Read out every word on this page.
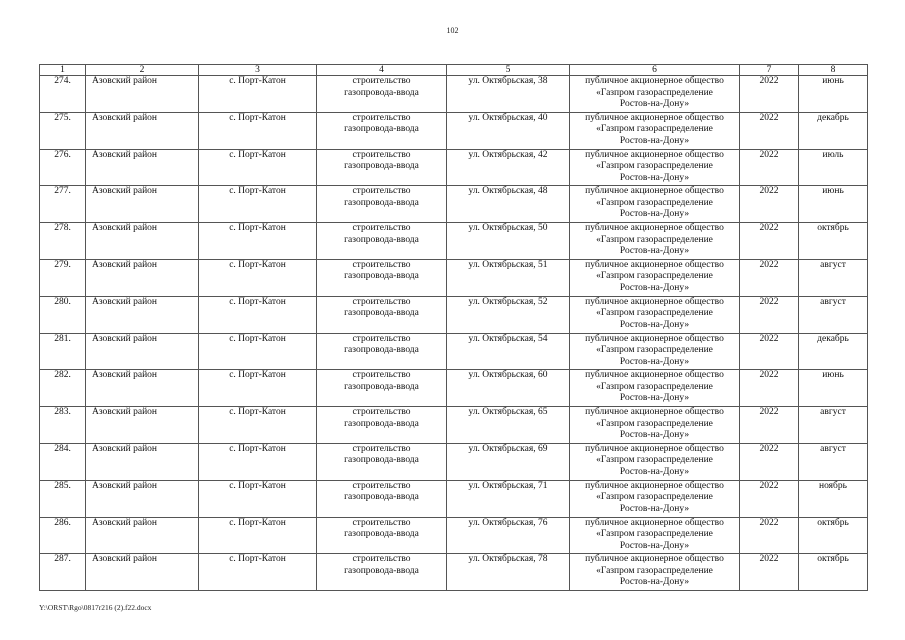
102
1	2	3	4	5	6	7	8
274.	Азовский район	с. Порт-Катон	строительство
газопровода-ввода	ул. Октябрьская, 38	публичное акционерное общество
«Газпром газораспределение
Ростов-на-Дону»	2022	июнь
275.	Азовский район	с. Порт-Катон	строительство
газопровода-ввода	ул. Октябрьская, 40	публичное акционерное общество
«Газпром газораспределение
Ростов-на-Дону»	2022	декабрь
276.	Азовский район	с. Порт-Катон	строительство
газопровода-ввода	ул. Октябрьская, 42	публичное акционерное общество
«Газпром газораспределение
Ростов-на-Дону»	2022	июль
277.	Азовский район	с. Порт-Катон	строительство
газопровода-ввода	ул. Октябрьская, 48	публичное акционерное общество
«Газпром газораспределение
Ростов-на-Дону»	2022	июнь
278.	Азовский район	с. Порт-Катон	строительство
газопровода-ввода	ул. Октябрьская, 50	публичное акционерное общество
«Газпром газораспределение
Ростов-на-Дону»	2022	октябрь
279.	Азовский район	с. Порт-Катон	строительство
газопровода-ввода	ул. Октябрьская, 51	публичное акционерное общество
«Газпром газораспределение
Ростов-на-Дону»	2022	август
280.	Азовский район	с. Порт-Катон	строительство
газопровода-ввода	ул. Октябрьская, 52	публичное акционерное общество
«Газпром газораспределение
Ростов-на-Дону»	2022	август
281.	Азовский район	с. Порт-Катон	строительство
газопровода-ввода	ул. Октябрьская, 54	публичное акционерное общество
«Газпром газораспределение
Ростов-на-Дону»	2022	декабрь
282.	Азовский район	с. Порт-Катон	строительство
газопровода-ввода	ул. Октябрьская, 60	публичное акционерное общество
«Газпром газораспределение
Ростов-на-Дону»	2022	июнь
283.	Азовский район	с. Порт-Катон	строительство
газопровода-ввода	ул. Октябрьская, 65	публичное акционерное общество
«Газпром газораспределение
Ростов-на-Дону»	2022	август
284.	Азовский район	с. Порт-Катон	строительство
газопровода-ввода	ул. Октябрьская, 69	публичное акционерное общество
«Газпром газораспределение
Ростов-на-Дону»	2022	август
285.	Азовский район	с. Порт-Катон	строительство
газопровода-ввода	ул. Октябрьская, 71	публичное акционерное общество
«Газпром газораспределение
Ростов-на-Дону»	2022	ноябрь
286.	Азовский район	с. Порт-Катон	строительство
газопровода-ввода	ул. Октябрьская, 76	публичное акционерное общество
«Газпром газораспределение
Ростов-на-Дону»	2022	октябрь
287.	Азовский район	с. Порт-Катон	строительство
газопровода-ввода	ул. Октябрьская, 78	публичное акционерное общество
«Газпром газораспределение
Ростов-на-Дону»	2022	октябрь
Y:\ORST\Rgo\0817r216 (2).f22.docx
